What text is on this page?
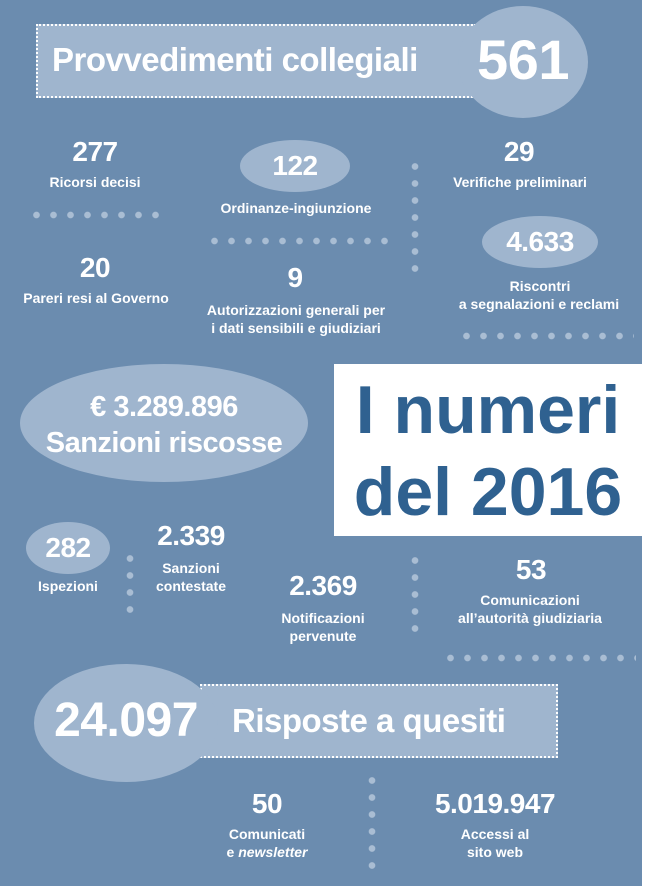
Provvedimenti collegiali	561
277
Ricorsi decisi
122
Ordinanze-ingiunzione
29
Verifiche preliminari
20
Pareri resi al Governo
9
Autorizzazioni generali per
i dati sensibili e giudiziari
4.633
Riscontri
a segnalazioni e reclami
€ 3.289.896
Sanzioni riscosse	I numeri
del 2016
282
Ispezioni
2.339
Sanzioni
contestate	2.369
Notificazioni
pervenute
53
Comunicazioni
all’autorità giudiziaria
Risposte a quesiti
24.097
50
Comunicati
e newsletter
5.019.947
Accessi al
sito web
